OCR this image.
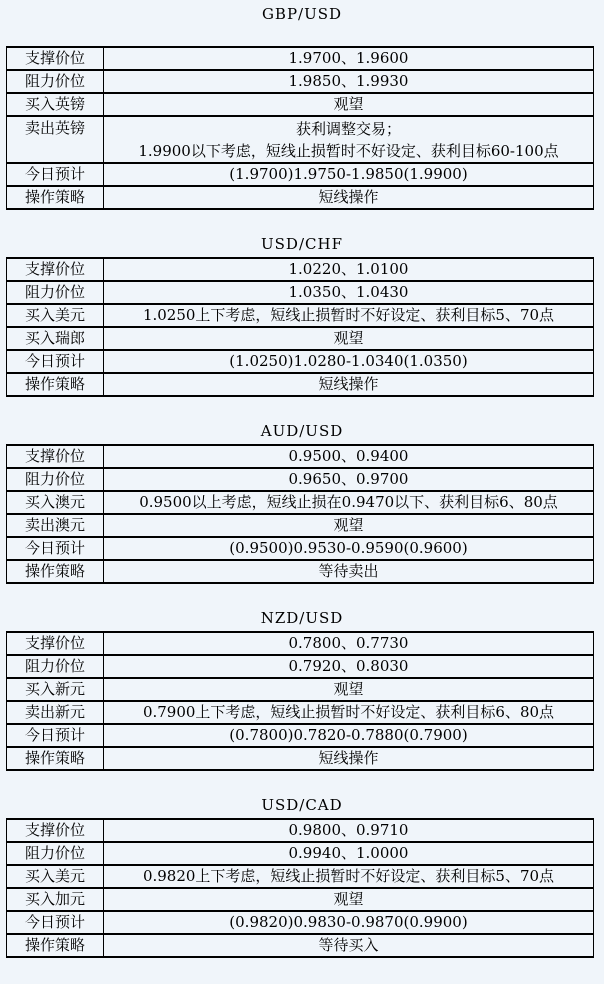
GBP/USD
支撑价位	1.9700、1.9600
阻力价位	1.9850、1.9930
买入英镑	观望
卖出英镑	获利调整交易；
1.9900以下考虑，短线止损暂时不好设定、获利目标60-100点

今日预计	(1.9700)1.9750-1.9850(1.9900)
操作策略	短线操作
USD/CHF
支撑价位	1.0220、1.0100
阻力价位	1.0350、1.0430
买入美元	1.0250上下考虑，短线止损暂时不好设定、获利目标5、70点
买入瑞郎	观望
今日预计	(1.0250)1.0280-1.0340(1.0350)
操作策略	短线操作
AUD/USD
支撑价位	0.9500、0.9400
阻力价位	0.9650、0.9700
买入澳元	0.9500以上考虑，短线止损在0.9470以下、获利目标6、80点
卖出澳元	观望
今日预计	(0.9500)0.9530-0.9590(0.9600)
操作策略	等待卖出
NZD/USD
支撑价位	0.7800、0.7730
阻力价位	0.7920、0.8030
买入新元	观望
卖出新元	0.7900上下考虑，短线止损暂时不好设定、获利目标6、80点
今日预计	(0.7800)0.7820-0.7880(0.7900)
操作策略	短线操作
USD/CAD
支撑价位	0.9800、0.9710
阻力价位	0.9940、1.0000
买入美元	0.9820上下考虑，短线止损暂时不好设定、获利目标5、70点
买入加元	观望
今日预计	(0.9820)0.9830-0.9870(0.9900)
操作策略	等待买入
